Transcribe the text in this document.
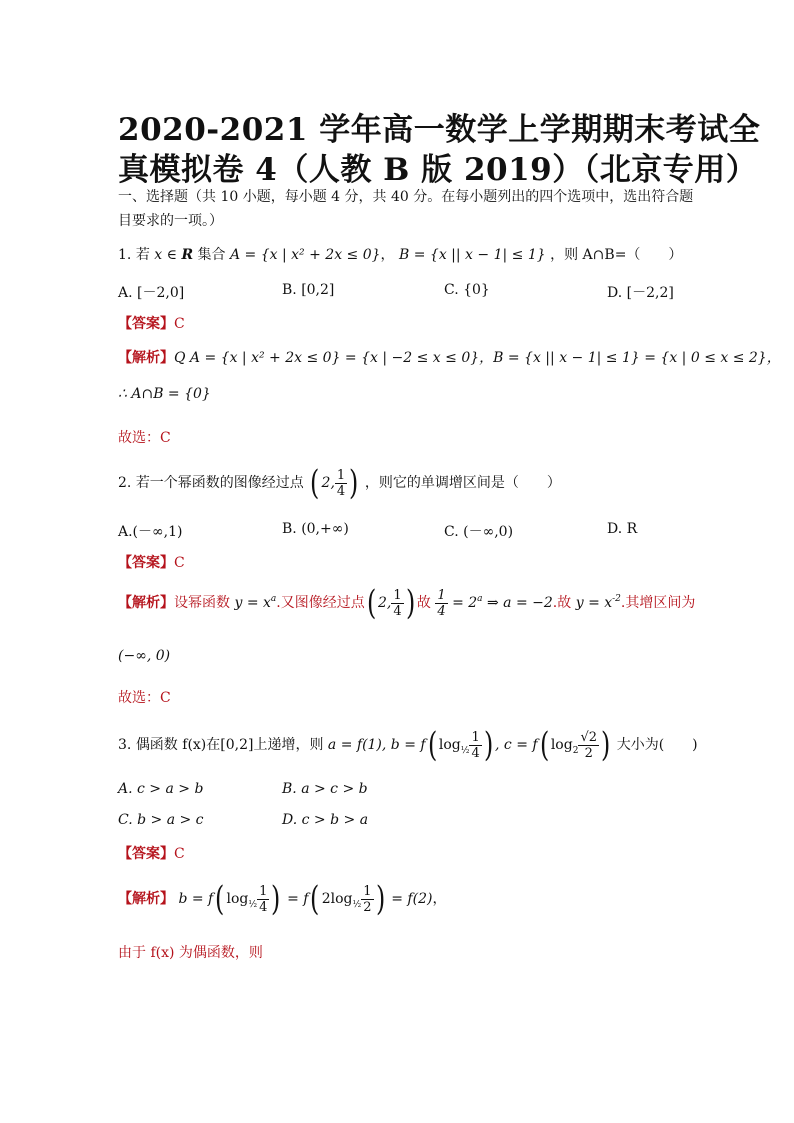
2020-2021 学年高一数学上学期期末考试全
真模拟卷 4（人教 B 版 2019）（北京专用）
一、选择题（共 10 小题，每小题 4 分，共 40 分。在每小题列出的四个选项中，选出符合题
目要求的一项。）
1. 若 x ∈ R 集合 A = {x | x² + 2x ≤ 0}， B = {x || x − 1| ≤ 1} ，则 A∩B=（　　）
A. [－2,0]	B. [0,2]	C. {0}	D. [－2,2]
【答案】C
【解析】Q A = {x | x² + 2x ≤ 0} = {x | −2 ≤ x ≤ 0}，B = {x || x − 1| ≤ 1} = {x | 0 ≤ x ≤ 2}，
∴ A∩B = {0}
故选：C
2. 若一个幂函数的图像经过点 ( 2, $\frac{1}{4}$ ) ，则它的单调增区间是（　　）
A.(－∞,1)	B. (0,+∞)	C. (－∞,0)	D. R
【答案】C
【解析】设幂函数 $y = x^a$.又图像经过点( 2, $\frac{1}{4}$ ) 故 $\frac{1}{4} = 2^a$ ⇒ a = −2.故 $y = x^{-2}$.其增区间为
(−∞, 0)
故选：C
3. 偶函数 f(x)在[0,2]上递增，则 a = f(1), b = f( $\log_{\frac{1}{2}} \frac{1}{4}$ ) , c = f( $\log_2 \frac{√2}{2}$ ) 大小为(　　)
A. c > a > b	B. a > c > b
C. b > a > c	D. c > b > a
【答案】C
【解析】 b = f( $\log_{\frac{1}{2}} \frac{1}{4}$ ) = f( $2\log_{\frac{1}{2}} \frac{1}{2}$ ) = f(2)，
由于 f(x) 为偶函数，则
